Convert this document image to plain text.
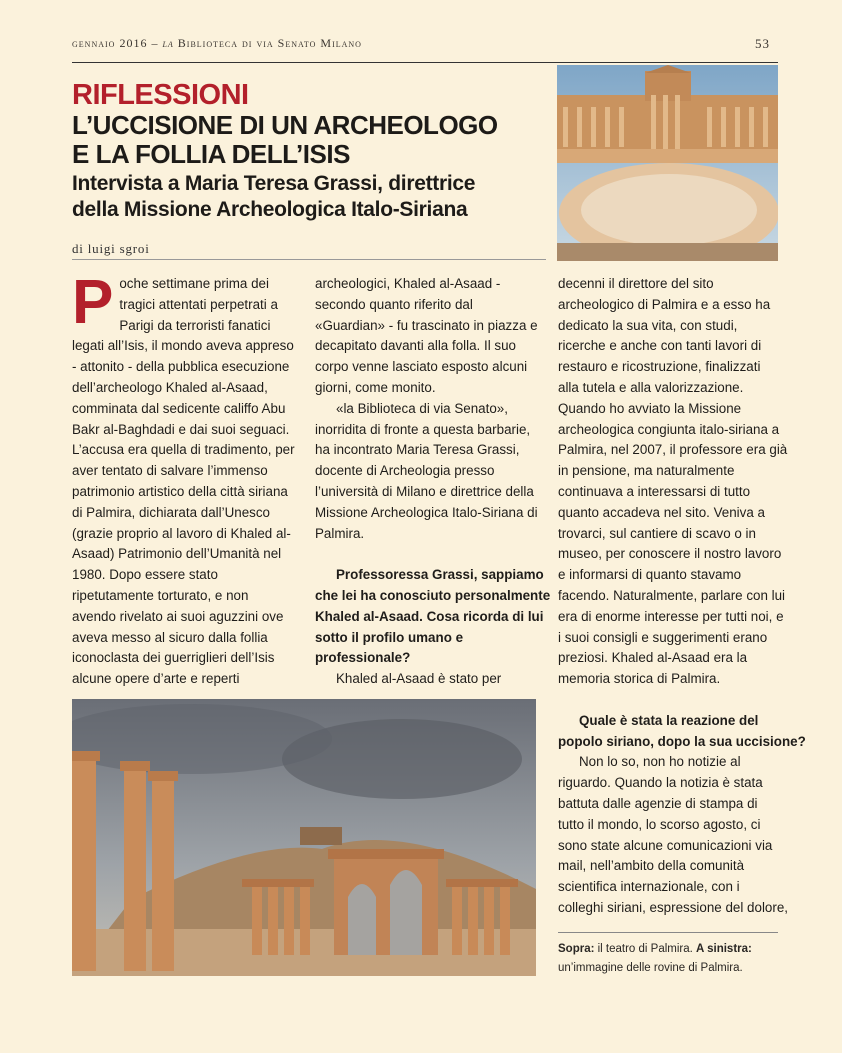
gennaio 2016 – la Biblioteca di via Senato Milano	53
RIFLESSIONI
L’UCCISIONE DI UN ARCHEOLOGO
E LA FOLLIA DELL’ISIS
Intervista a Maria Teresa Grassi, direttrice
della Missione Archeologica Italo-Siriana
di luigi sgroi
P oche settimane prima dei
tragici attentati perpetrati a
Parigi da terroristi fanatici
legati all’Isis, il mondo aveva appreso
- attonito - della pubblica esecuzione
dell’archeologo Khaled al-Asaad,
comminata dal sedicente califfo Abu
Bakr al-Baghdadi e dai suoi seguaci.
L’accusa era quella di tradimento, per
aver tentato di salvare l’immenso
patrimonio artistico della città siriana
di Palmira, dichiarata dall’Unesco
(grazie proprio al lavoro di Khaled al-
Asaad) Patrimonio dell’Umanità nel
1980. Dopo essere stato
ripetutamente torturato, e non
avendo rivelato ai suoi aguzzini ove
aveva messo al sicuro dalla follia
iconoclasta dei guerriglieri dell’Isis
alcune opere d’arte e reperti
archeologici, Khaled al-Asaad -
secondo quanto riferito dal
«Guardian» - fu trascinato in piazza e
decapitato davanti alla folla. Il suo
corpo venne lasciato esposto alcuni
giorni, come monito.
«la Biblioteca di via Senato»,
inorridita di fronte a questa barbarie,
ha incontrato Maria Teresa Grassi,
docente di Archeologia presso
l’università di Milano e direttrice della
Missione Archeologica Italo-Siriana di
Palmira.
Professoressa Grassi, sappiamo
che lei ha conosciuto personalmente
Khaled al-Asaad. Cosa ricorda di lui
sotto il profilo umano e
professionale?
Khaled al-Asaad è stato per
decenni il direttore del sito
archeologico di Palmira e a esso ha
dedicato la sua vita, con studi,
ricerche e anche con tanti lavori di
restauro e ricostruzione, finalizzati
alla tutela e alla valorizzazione.
Quando ho avviato la Missione
archeologica congiunta italo-siriana a
Palmira, nel 2007, il professore era già
in pensione, ma naturalmente
continuava a interessarsi di tutto
quanto accadeva nel sito. Veniva a
trovarci, sul cantiere di scavo o in
museo, per conoscere il nostro lavoro
e informarsi di quanto stavamo
facendo. Naturalmente, parlare con lui
era di enorme interesse per tutti noi, e
i suoi consigli e suggerimenti erano
preziosi. Khaled al-Asaad era la
memoria storica di Palmira.
Quale è stata la reazione del
popolo siriano, dopo la sua uccisione?
Non lo so, non ho notizie al
riguardo. Quando la notizia è stata
battuta dalle agenzie di stampa di
tutto il mondo, lo scorso agosto, ci
sono state alcune comunicazioni via
mail, nell’ambito della comunità
scientifica internazionale, con i
colleghi siriani, espressione del dolore,
Sopra: il teatro di Palmira. A sinistra:
un’immagine delle rovine di Palmira.
